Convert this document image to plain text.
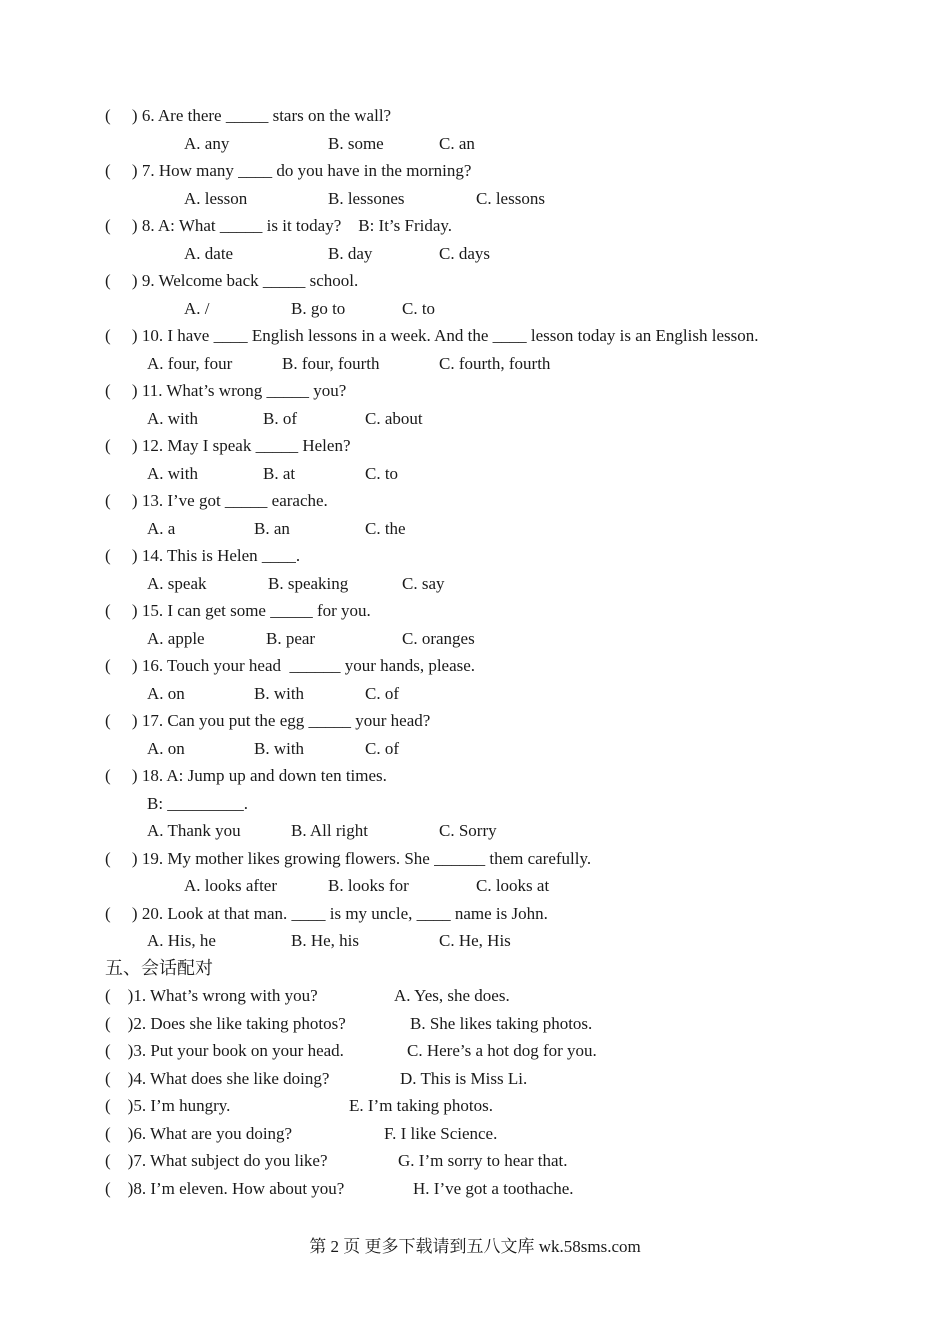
(     ) 6. Are there _____ stars on the wall?

A. any

	B. some

	C. an

(     ) 7. How many ____ do you have in the morning?

A. lesson

	B. lessones

	C. lessons

(     ) 8. A: What _____ is it today?    B: It’s Friday.

A. date

	B. day

	C. days

(     ) 9. Welcome back _____ school.

A. /

	B. go to

	C. to

(     ) 10. I have ____ English lessons in a week. And the ____ lesson today is an English lesson.

A. four, four

	B. four, fourth

	C. fourth, fourth

(     ) 11. What’s wrong _____ you?

A. with

	B. of

	C. about

(     ) 12. May I speak _____ Helen?

A. with

	B. at

	C. to

(     ) 13. I’ve got _____ earache.

A. a

	B. an

	C. the

(     ) 14. This is Helen ____.

A. speak

	B. speaking

	C. say

(     ) 15. I can get some _____ for you.

A. apple

	B. pear

	C. oranges

(     ) 16. Touch your head  ______ your hands, please.

A. on

	B. with

	C. of

(     ) 17. Can you put the egg _____ your head?

A. on

	B. with

	C. of

(     ) 18. A: Jump up and down ten times.
B: _________.

A. Thank you

	B. All right

	C. Sorry

(     ) 19. My mother likes growing flowers. She ______ them carefully.

A. looks after

	B. looks for

	C. looks at

(     ) 20. Look at that man. ____ is my uncle, ____ name is John.

A. His, he

	B. He, his

	C. He, His

五、会话配对
(    )1. What’s wrong with you?	A. Yes, she does.
(    )2. Does she like taking photos?	B. She likes taking photos.
(    )3. Put your book on your head.	C. Here’s a hot dog for you.
(    )4. What does she like doing?	D. This is Miss Li.
(    )5. I’m hungry.	E. I’m taking photos.
(    )6. What are you doing?	F. I like Science.
(    )7. What subject do you like?	G. I’m sorry to hear that.
(    )8. I’m eleven. How about you?	H. I’ve got a toothache.
第 2 页 更多下载请到五八文库 wk.58sms.com
